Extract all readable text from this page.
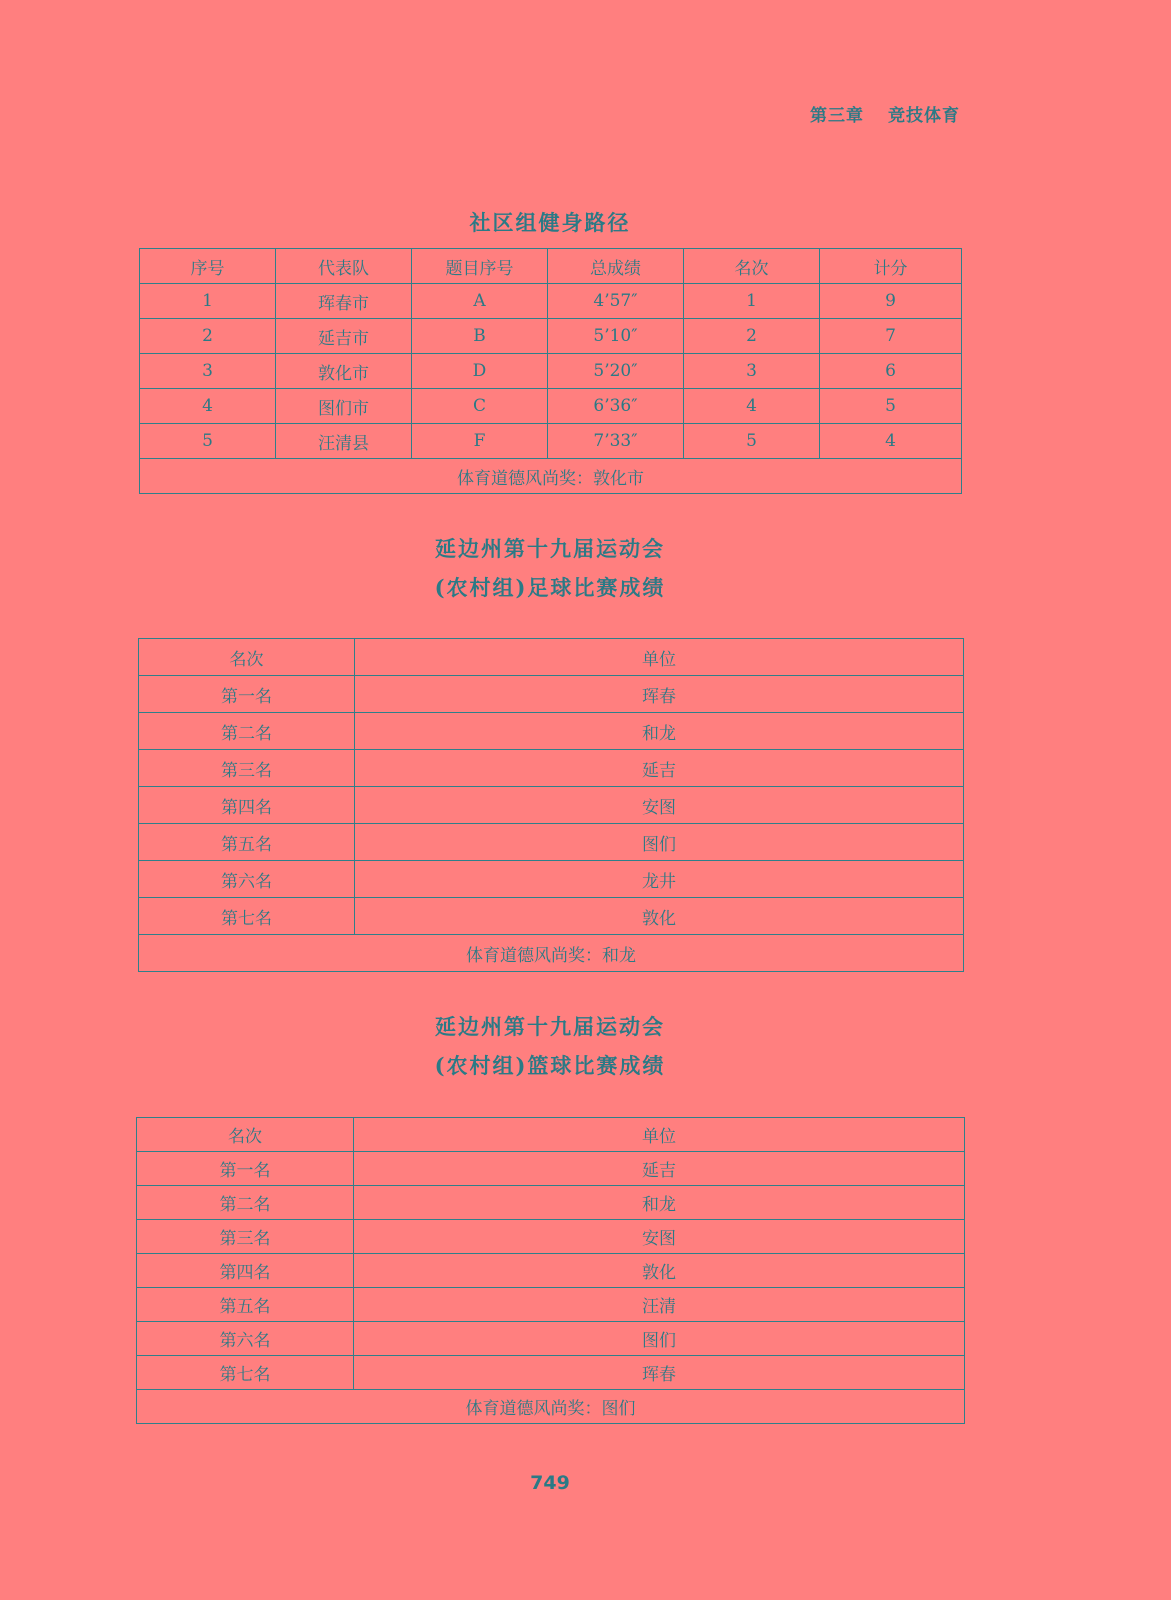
第三章 竞技体育
社区组健身路径
序号	代表队	题目序号	总成绩	名次	计分
1	珲春市	A	4’57″	1	9
2	延吉市	B	5’10″	2	7
3	敦化市	D	5’20″	3	6
4	图们市	C	6’36″	4	5
5	汪清县	F	7’33″	5	4
体育道德风尚奖：敦化市					
延边州第十九届运动会
(农村组)足球比赛成绩
名次	单位
第一名	珲春
第二名	和龙
第三名	延吉
第四名	安图
第五名	图们
第六名	龙井
第七名	敦化
体育道德风尚奖：和龙	
延边州第十九届运动会
(农村组)篮球比赛成绩
名次	单位
第一名	延吉
第二名	和龙
第三名	安图
第四名	敦化
第五名	汪清
第六名	图们
第七名	珲春
体育道德风尚奖：图们	
749
